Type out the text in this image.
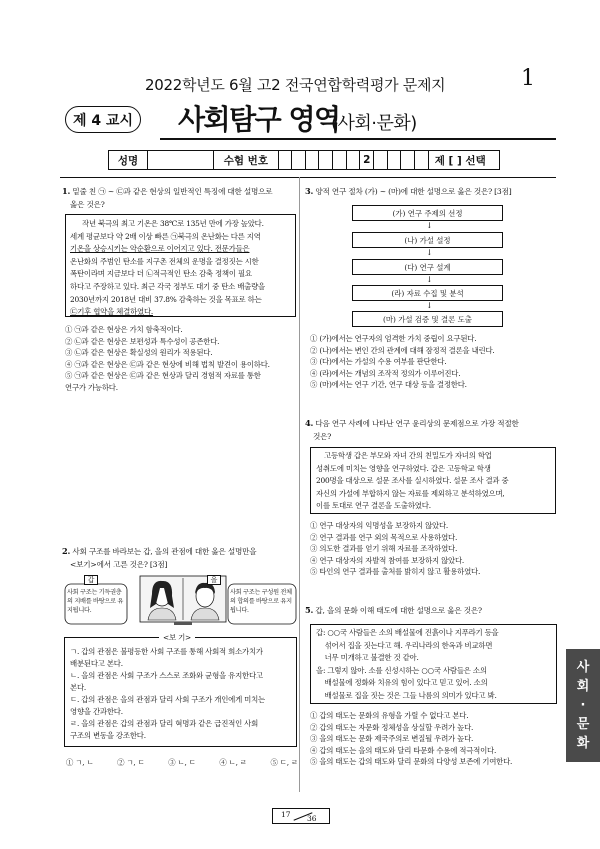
2022학년도 6월 고2 전국연합학력평가 문제지	1
제 4 교시 사회탐구 영역
(사회·문화)
성명	수험 번호	2	제 [ ] 선택
1. 밑줄 친 ㉠ ~ ㉢과 같은 현상의 일반적인 특징에 대한 설명으로
옳은 것은?
작년 북극의 최고 기온은 38℃로 135년 만에 가장 높았다.
세계 평균보다 약 2배 이상 빠른 ㉠북극의 온난화는 다른 지역
기온을 상승시키는 악순환으로 이어지고 있다. 전문가들은
온난화의 주범인 탄소를 지구촌 전체의 운명을 결정짓는 시한
폭탄이라며 지금보다 더 ㉡적극적인 탄소 감축 정책이 필요
하다고 주장하고 있다. 최근 각국 정부도 대기 중 탄소 배출량을
2030년까지 2018년 대비 37.8% 감축하는 것을 목표로 하는
㉢기후 협약을 체결하였다.
① ㉠과 같은 현상은 가치 함축적이다.
② ㉡과 같은 현상은 보편성과 특수성이 공존한다.
③ ㉡과 같은 현상은 확실성의 원리가 적용된다.
④ ㉠과 같은 현상은 ㉢과 같은 현상에 비해 법칙 발견이 용이하다.
⑤ ㉠과 같은 현상은 ㉢과 같은 현상과 달리 경험적 자료를 통한
연구가 가능하다.
2. 사회 구조를 바라보는 갑, 을의 관점에 대한 옳은 설명만을
<보기>에서 고른 것은? [3점]
갑	을
사회 구조는 기득권층의 지배를 바탕으로 유지됩니다.
사회 구조는 구성원 전체의 합의를 바탕으로 유지됩니다.
<보 기>
ㄱ. 갑의 관점은 불평등한 사회 구조를 통해 사회적 희소가치가
배분된다고 본다.
ㄴ. 을의 관점은 사회 구조가 스스로 조화와 균형을 유지한다고
본다.
ㄷ. 갑의 관점은 을의 관점과 달리 사회 구조가 개인에게 미치는
영향을 간과한다.
ㄹ. 을의 관점은 갑의 관점과 달리 혁명과 같은 급진적인 사회
구조의 변동을 강조한다.
① ㄱ, ㄴ	② ㄱ, ㄷ	③ ㄴ, ㄷ	④ ㄴ, ㄹ	⑤ ㄷ, ㄹ
3. 양적 연구 절차 (가) ~ (마)에 대한 설명으로 옳은 것은? [3점]
(가) 연구 주제의 선정
↓
(나) 가설 설정
↓
(다) 연구 설계
↓
(라) 자료 수집 및 분석
↓
(마) 가설 검증 및 결론 도출
① (가)에서는 연구자의 엄격한 가치 중립이 요구된다.
② (나)에서는 변인 간의 관계에 대해 잠정적 결론을 내린다.
③ (다)에서는 가설의 수용 여부를 판단한다.
④ (라)에서는 개념의 조작적 정의가 이루어진다.
⑤ (마)에서는 연구 기간, 연구 대상 등을 결정한다.
4. 다음 연구 사례에 나타난 연구 윤리상의 문제점으로 가장 적절한
것은?
고등학생 갑은 부모와 자녀 간의 친밀도가 자녀의 학업
성취도에 미치는 영향을 연구하였다. 갑은 고등학교 학생
200명을 대상으로 설문 조사를 실시하였다. 설문 조사 결과 중
자신의 가설에 부합하지 않는 자료를 제외하고 분석하였으며,
이를 토대로 연구 결론을 도출하였다.
① 연구 대상자의 익명성을 보장하지 않았다.
② 연구 결과를 연구 외의 목적으로 사용하였다.
③ 의도한 결과를 얻기 위해 자료를 조작하였다.
④ 연구 대상자의 자발적 참여를 보장하지 않았다.
⑤ 타인의 연구 결과를 출처를 밝히지 않고 활용하였다.
5. 갑, 을의 문화 이해 태도에 대한 설명으로 옳은 것은?
갑: ○○국 사람들은 소의 배설물에 진흙이나 지푸라기 등을
섞어서 집을 짓는다고 해. 우리나라의 한옥과 비교하면
너무 미개하고 불결한 것 같아.
을: 그렇지 않아. 소를 신성시하는 ○○국 사람들은 소의
배설물에 정화와 치유의 힘이 있다고 믿고 있어. 소의
배설물로 집을 짓는 것은 그들 나름의 의미가 있다고 봐.
① 갑의 태도는 문화의 유형을 가릴 수 없다고 본다.
② 갑의 태도는 자문화 정체성을 상실할 우려가 높다.
③ 을의 태도는 문화 제국주의로 변질될 우려가 높다.
④ 갑의 태도는 을의 태도와 달리 타문화 수용에 적극적이다.
⑤ 을의 태도는 갑의 태도와 달리 문화의 다양성 보존에 기여한다.
사
회
·
문
화
17 36
